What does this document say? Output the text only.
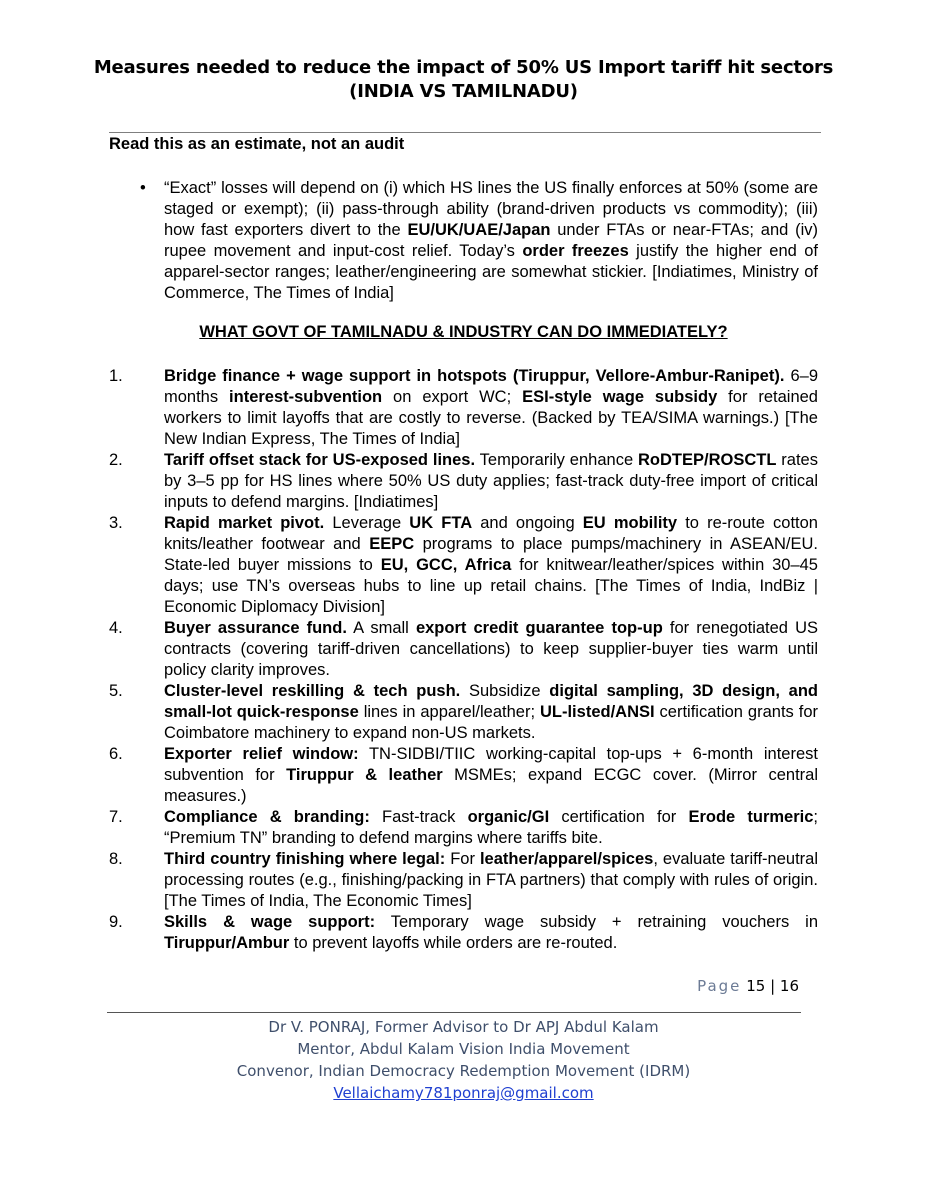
Measures needed to reduce the impact of 50% US Import tariff hit sectors
(INDIA VS TAMILNADU)
Read this as an estimate, not an audit
• “Exact” losses will depend on (i) which HS lines the US finally enforces at 50% (some are staged or exempt); (ii) pass-through ability (brand-driven products vs commodity); (iii) how fast exporters divert to the EU/UK/UAE/Japan under FTAs or near-FTAs; and (iv) rupee movement and input-cost relief. Today’s order freezes justify the higher end of apparel-sector ranges; leather/engineering are somewhat stickier. [Indiatimes, Ministry of Commerce, The Times of India]
WHAT GOVT OF TAMILNADU & INDUSTRY CAN DO IMMEDIATELY?
1. Bridge finance + wage support in hotspots (Tiruppur, Vellore-Ambur-Ranipet). 6–9 months interest-subvention on export WC; ESI-style wage subsidy for retained workers to limit layoffs that are costly to reverse. (Backed by TEA/SIMA warnings.) [The New Indian Express, The Times of India]
2. Tariff offset stack for US-exposed lines. Temporarily enhance RoDTEP/ROSCTL rates by 3–5 pp for HS lines where 50% US duty applies; fast-track duty-free import of critical inputs to defend margins. [Indiatimes]
3. Rapid market pivot. Leverage UK FTA and ongoing EU mobility to re-route cotton knits/leather footwear and EEPC programs to place pumps/machinery in ASEAN/EU. State-led buyer missions to EU, GCC, Africa for knitwear/leather/spices within 30–45 days; use TN’s overseas hubs to line up retail chains. [The Times of India, IndBiz | Economic Diplomacy Division]
4. Buyer assurance fund. A small export credit guarantee top-up for renegotiated US contracts (covering tariff-driven cancellations) to keep supplier-buyer ties warm until policy clarity improves.
5. Cluster-level reskilling & tech push. Subsidize digital sampling, 3D design, and small-lot quick-response lines in apparel/leather; UL-listed/ANSI certification grants for Coimbatore machinery to expand non-US markets.
6. Exporter relief window: TN-SIDBI/TIIC working-capital top-ups + 6-month interest subvention for Tiruppur & leather MSMEs; expand ECGC cover. (Mirror central measures.)
7. Compliance & branding: Fast-track organic/GI certification for Erode turmeric; “Premium TN” branding to defend margins where tariffs bite.
8. Third country finishing where legal: For leather/apparel/spices, evaluate tariff-neutral processing routes (e.g., finishing/packing in FTA partners) that comply with rules of origin. [The Times of India, The Economic Times]
9. Skills & wage support: Temporary wage subsidy + retraining vouchers in Tiruppur/Ambur to prevent layoffs while orders are re-routed.
Page 15 | 16
Dr V. PONRAJ, Former Advisor to Dr APJ Abdul Kalam
Mentor, Abdul Kalam Vision India Movement
Convenor, Indian Democracy Redemption Movement (IDRM)
Vellaichamy781ponraj@gmail.com
